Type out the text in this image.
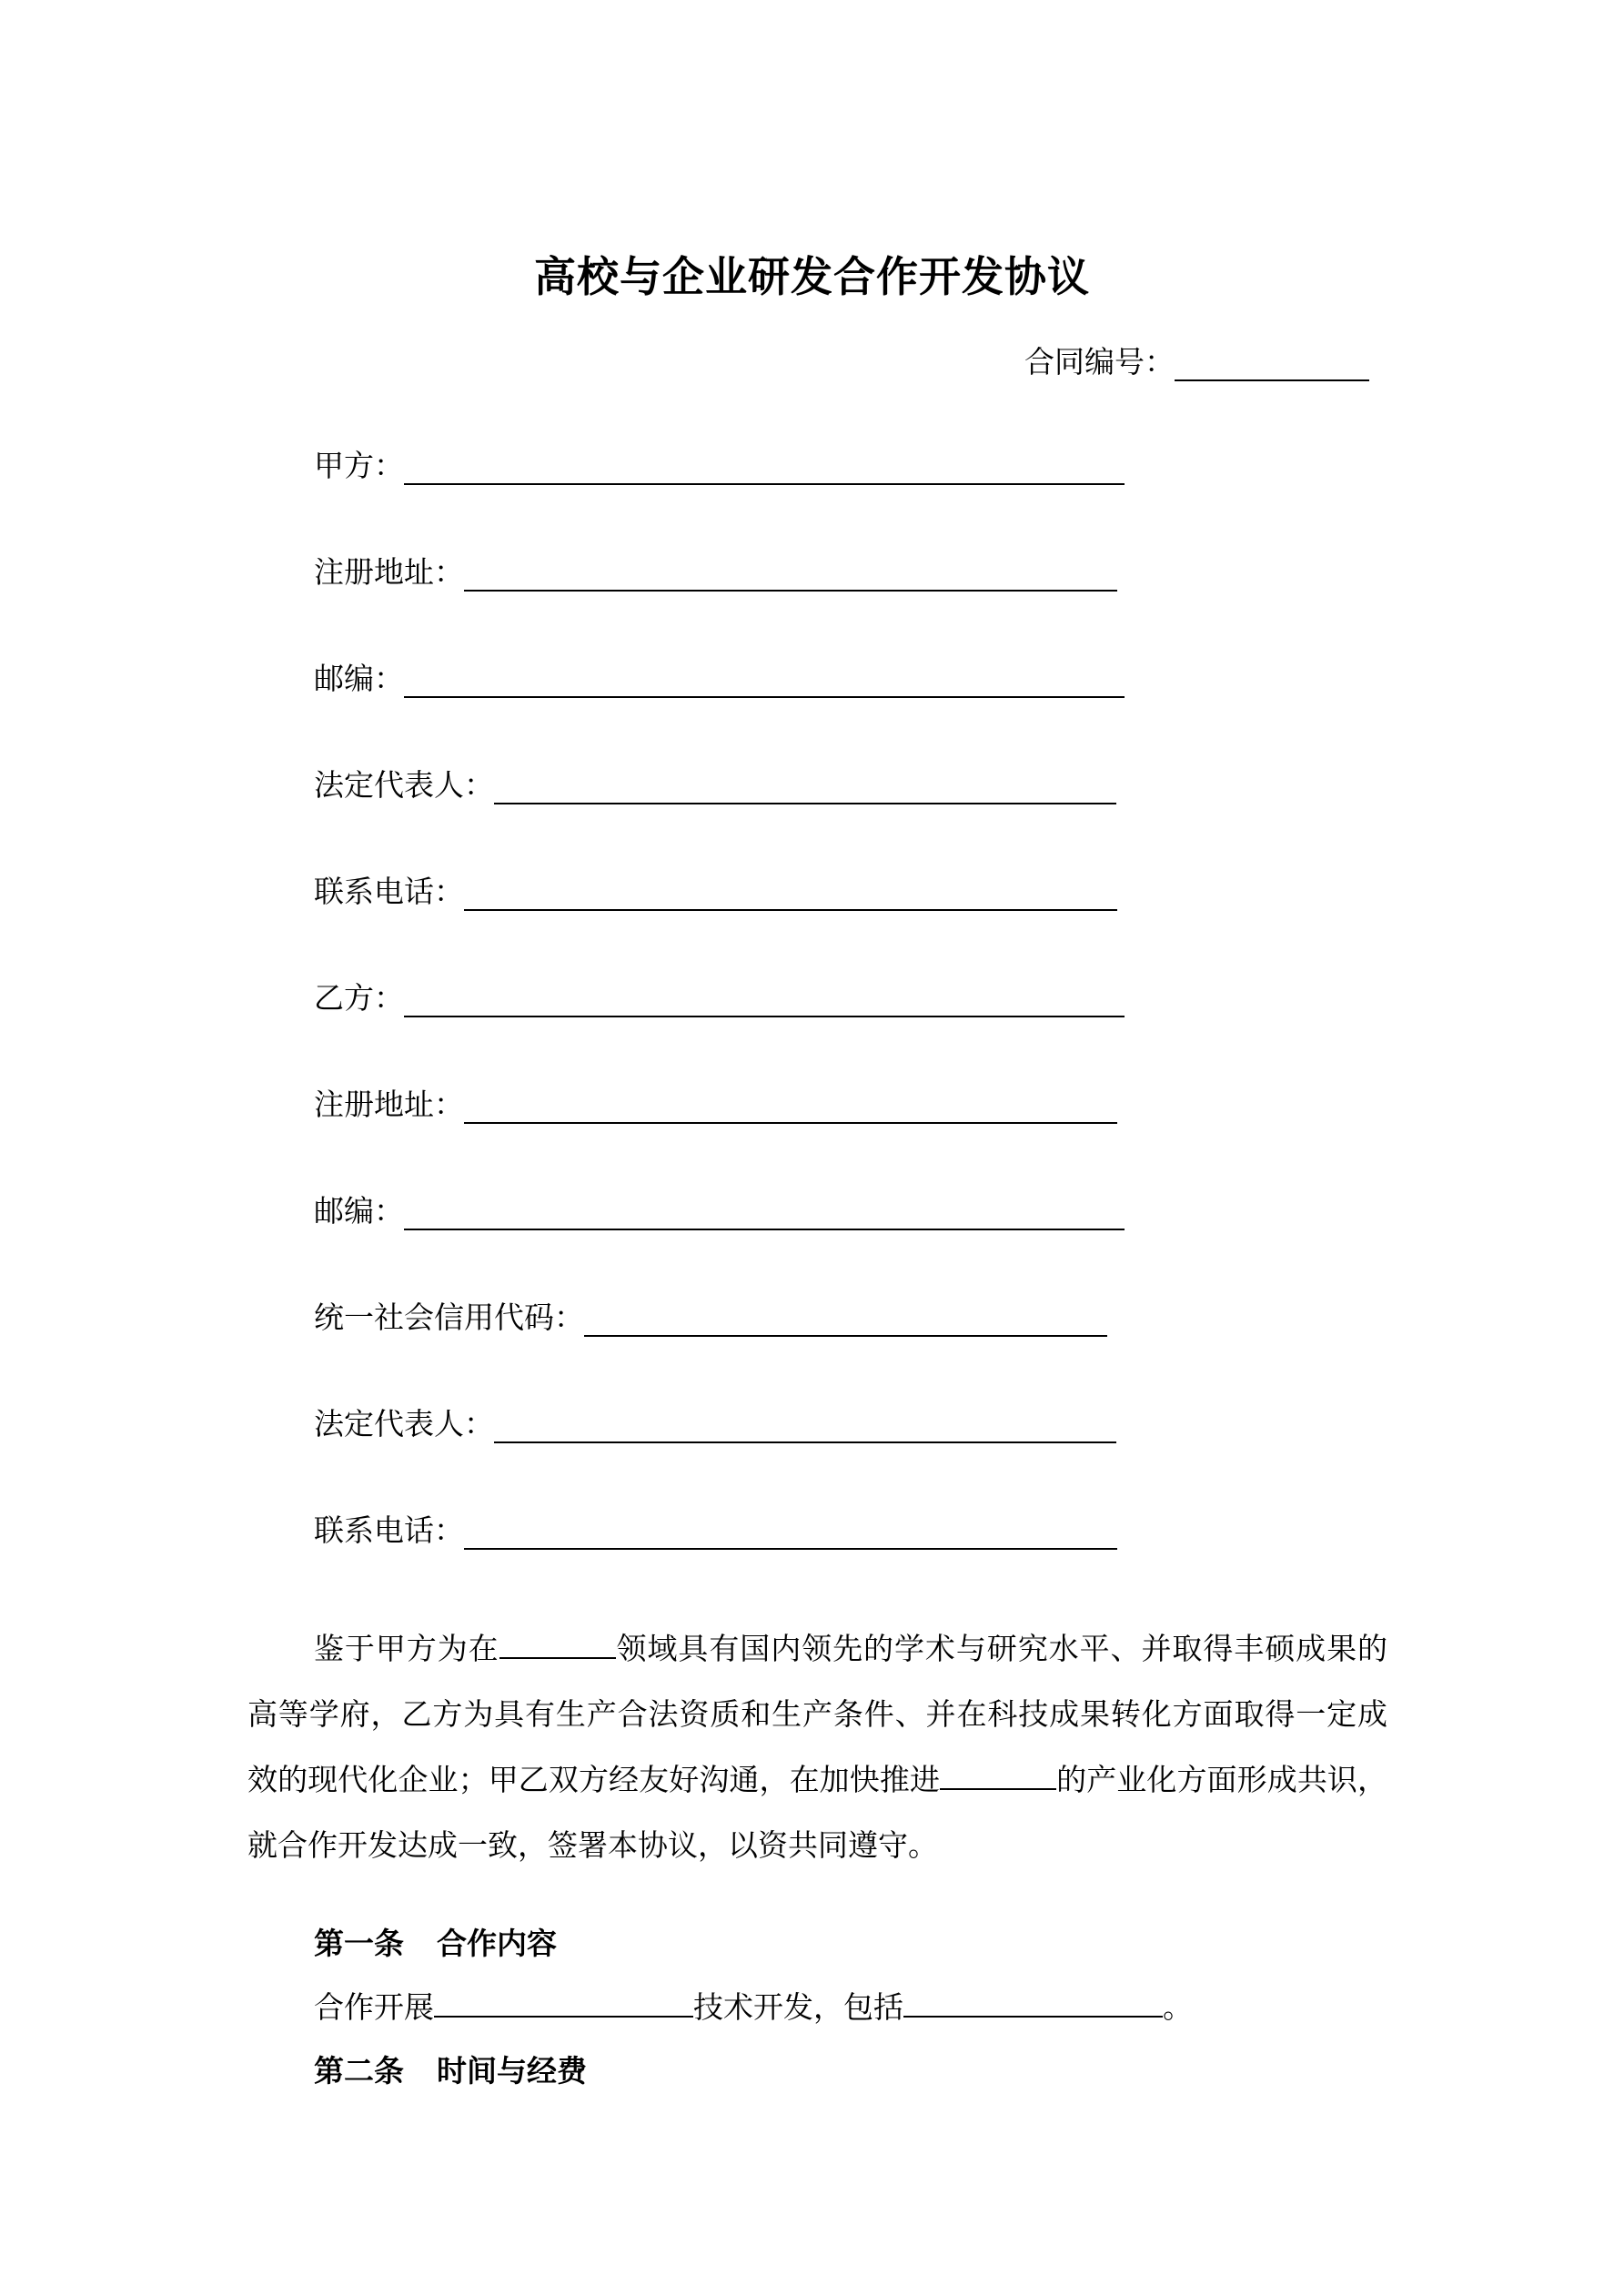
高校与企业研发合作开发协议
合同编号：
甲方：
注册地址：
邮编：
法定代表人：
联系电话：
乙方：
注册地址：
邮编：
统一社会信用代码：
法定代表人：
联系电话：
鉴于甲方为在	领域具有国内领先的学术与研究水平、并取得丰硕成果的高等学府，乙方为具有生产合法资质和生产条件、并在科技成果转化方面取得一定成效的现代化企业；甲乙双方经友好沟通，在加快推进	的产业化方面形成共识，就合作开发达成一致，签署本协议，以资共同遵守。
第一条 合作内容
合作开展	技术开发，包括	。
第二条 时间与经费
